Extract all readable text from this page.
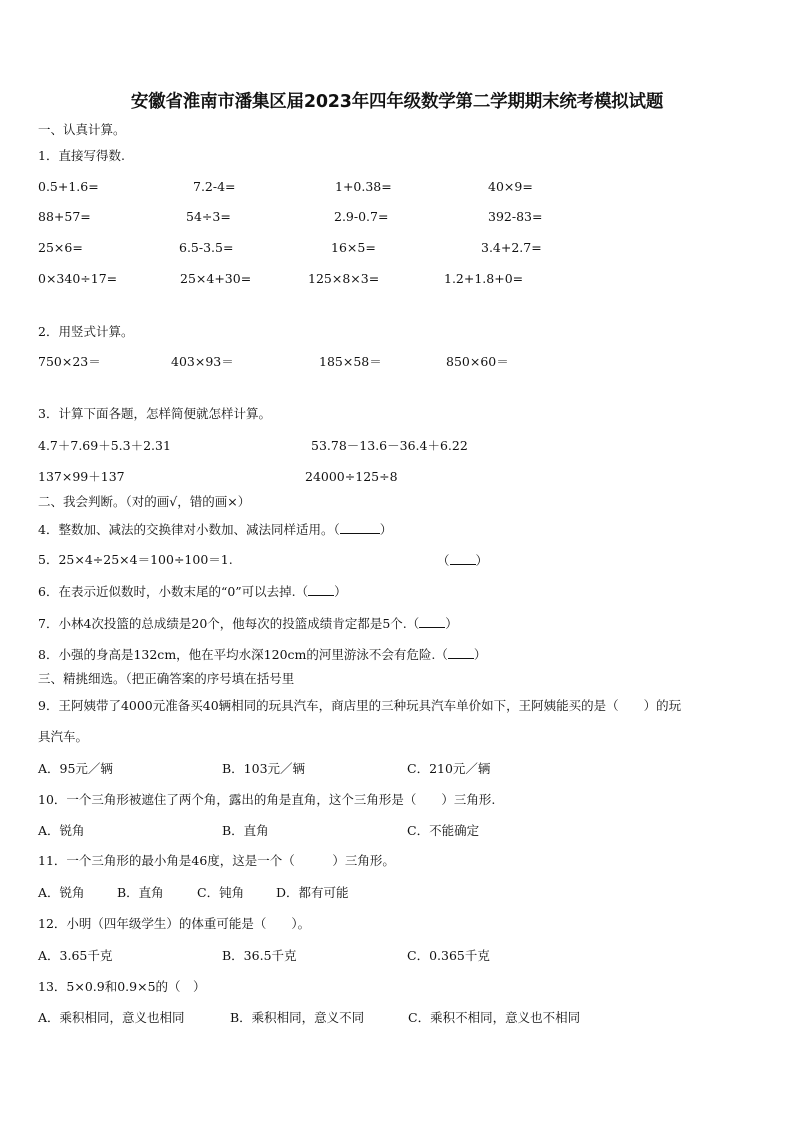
安徽省淮南市潘集区届2023年四年级数学第二学期期末统考模拟试题
一、认真计算。
1．直接写得数.
0.5+1.6=	7.2-4=	1+0.38=	40×9=
88+57=	54÷3=	2.9-0.7=	392-83=
25×6=	6.5-3.5=	16×5=	3.4+2.7=
0×340÷17=	25×4+30=	125×8×3=	1.2+1.8+0=
2．用竖式计算。
750×23＝	403×93＝	185×58＝	850×60＝
3．计算下面各题，怎样简便就怎样计算。
4.7＋7.69＋5.3＋2.31	53.78－13.6－36.4＋6.22
137×99＋137	24000÷125÷8
二、我会判断。（对的画√，错的画×）
4．整数加、减法的交换律对小数加、减法同样适用。（	）
5．25×4÷25×4＝100÷100＝1.	（ ）
6．在表示近似数时，小数末尾的“0”可以去掉.（ ）
7．小林4次投篮的总成绩是20个，他每次的投篮成绩肯定都是5个.（ ）
8．小强的身高是132cm，他在平均水深120cm的河里游泳不会有危险.（ ）
三、精挑细选。（把正确答案的序号填在括号里
9．王阿姨带了4000元准备买40辆相同的玩具汽车，商店里的三种玩具汽车单价如下，王阿姨能买的是（　　）的玩
具汽车。
A．95元／辆	B．103元／辆	C．210元／辆
10．一个三角形被遮住了两个角，露出的角是直角，这个三角形是（　　）三角形.
A．锐角	B．直角	C．不能确定
11．一个三角形的最小角是46度，这是一个（　　　）三角形。
A．锐角	B．直角	C．钝角	D．都有可能
12．小明（四年级学生）的体重可能是（　　）。
A．3.65千克	B．36.5千克	C．0.365千克
13．5×0.9和0.9×5的（　）
A．乘积相同，意义也相同	B．乘积相同，意义不同	C．乘积不相同，意义也不相同
